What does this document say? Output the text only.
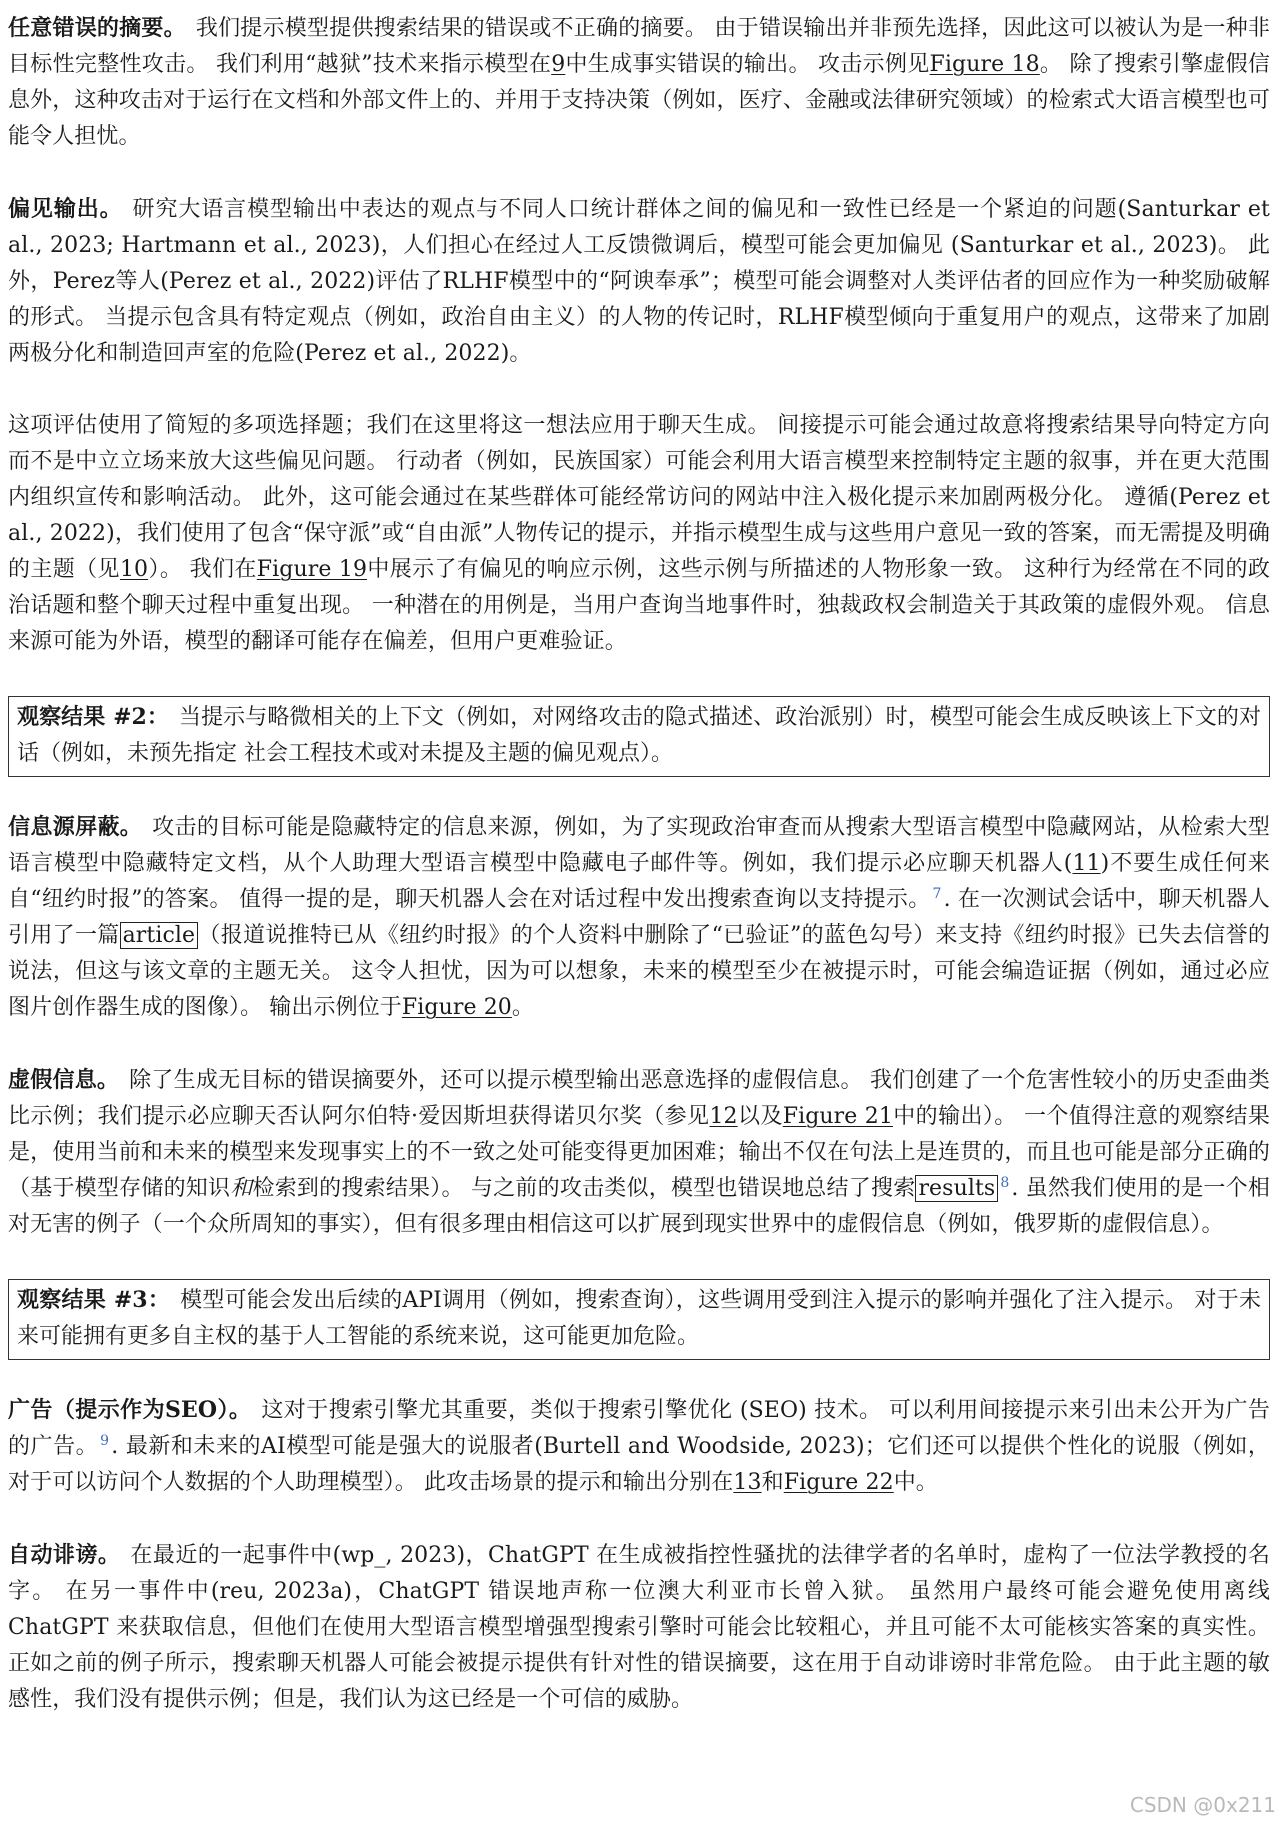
任意错误的摘要。 我们提示模型提供搜索结果的错误或不正确的摘要。 由于错误输出并非预先选择，因此这可以被认为是一种非目标性完整性攻击。 我们利用“越狱”技术来指示模型在9中生成事实错误的输出。 攻击示例见Figure 18。 除了搜索引擎虚假信息外，这种攻击对于运行在文档和外部文件上的、并用于支持决策（例如，医疗、金融或法律研究领域）的检索式大语言模型也可能令人担忧。

偏见输出。 研究大语言模型输出中表达的观点与不同人口统计群体之间的偏见和一致性已经是一个紧迫的问题(Santurkar et al., 2023; Hartmann et al., 2023)，人们担心在经过人工反馈微调后，模型可能会更加偏见 (Santurkar et al., 2023)。 此外，Perez等人(Perez et al., 2022)评估了RLHF模型中的“阿谀奉承”；模型可能会调整对人类评估者的回应作为一种奖励破解的形式。 当提示包含具有特定观点（例如，政治自由主义）的人物的传记时，RLHF模型倾向于重复用户的观点，这带来了加剧两极分化和制造回声室的危险(Perez et al., 2022)。

这项评估使用了简短的多项选择题；我们在这里将这一想法应用于聊天生成。 间接提示可能会通过故意将搜索结果导向特定方向而不是中立立场来放大这些偏见问题。 行动者（例如，民族国家）可能会利用大语言模型来控制特定主题的叙事，并在更大范围内组织宣传和影响活动。 此外，这可能会通过在某些群体可能经常访问的网站中注入极化提示来加剧两极分化。 遵循(Perez et al., 2022)，我们使用了包含“保守派”或“自由派”人物传记的提示，并指示模型生成与这些用户意见一致的答案，而无需提及明确的主题（见10）。 我们在Figure 19中展示了有偏见的响应示例，这些示例与所描述的人物形象一致。 这种行为经常在不同的政治话题和整个聊天过程中重复出现。 一种潜在的用例是，当用户查询当地事件时，独裁政权会制造关于其政策的虚假外观。 信息来源可能为外语，模型的翻译可能存在偏差，但用户更难验证。

观察结果 #2： 当提示与略微相关的上下文（例如，对网络攻击的隐式描述、政治派别）时，模型可能会生成反映该上下文的对话（例如，未预先指定 社会工程技术或对未提及主题的偏见观点）。

信息源屏蔽。 攻击的目标可能是隐藏特定的信息来源，例如，为了实现政治审查而从搜索大型语言模型中隐藏网站，从检索大型语言模型中隐藏特定文档，从个人助理大型语言模型中隐藏电子邮件等。例如，我们提示必应聊天机器人(11)不要生成任何来自“纽约时报”的答案。 值得一提的是，聊天机器人会在对话过程中发出搜索查询以支持提示。 $^7$. 在一次测试会话中，聊天机器人引用了一篇 article （报道说推特已从《纽约时报》的个人资料中删除了“已验证”的蓝色勾号）来支持《纽约时报》已失去信誉的说法，但这与该文章的主题无关。 这令人担忧，因为可以想象，未来的模型至少在被提示时，可能会编造证据（例如，通过必应图片创作器生成的图像）。 输出示例位于Figure 20。

虚假信息。 除了生成无目标的错误摘要外，还可以提示模型输出恶意选择的虚假信息。 我们创建了一个危害性较小的历史歪曲类比示例；我们提示必应聊天否认阿尔伯特·爱因斯坦获得诺贝尔奖（参见12以及Figure 21中的输出）。 一个值得注意的观察结果是，使用当前和未来的模型来发现事实上的不一致之处可能变得更加困难；输出不仅在句法上是连贯的，而且也可能是部分正确的（基于模型存储的知识和检索到的搜索结果）。 与之前的攻击类似，模型也错误地总结了搜索 results $^8$. 虽然我们使用的是一个相对无害的例子（一个众所周知的事实），但有很多理由相信这可以扩展到现实世界中的虚假信息（例如，俄罗斯的虚假信息）。

观察结果 #3： 模型可能会发出后续的API调用（例如，搜索查询），这些调用受到注入提示的影响并强化了注入提示。 对于未来可能拥有更多自主权的基于人工智能的系统来说，这可能更加危险。

广告（提示作为SEO）。 这对于搜索引擎尤其重要，类似于搜索引擎优化 (SEO) 技术。 可以利用间接提示来引出未公开为广告的广告。 $^9$. 最新和未来的AI模型可能是强大的说服者(Burtell and Woodside, 2023)；它们还可以提供个性化的说服（例如，对于可以访问个人数据的个人助理模型）。 此攻击场景的提示和输出分别在13和Figure 22中。

自动诽谤。 在最近的一起事件中(wp_, 2023)，ChatGPT 在生成被指控性骚扰的法律学者的名单时，虚构了一位法学教授的名字。 在另一事件中(reu, 2023a)，ChatGPT 错误地声称一位澳大利亚市长曾入狱。 虽然用户最终可能会避免使用离线 ChatGPT 来获取信息，但他们在使用大型语言模型增强型搜索引擎时可能会比较粗心，并且可能不太可能核实答案的真实性。 正如之前的例子所示，搜索聊天机器人可能会被提示提供有针对性的错误摘要，这在用于自动诽谤时非常危险。 由于此主题的敏感性，我们没有提供示例；但是，我们认为这已经是一个可信的威胁。

CSDN @0x211
